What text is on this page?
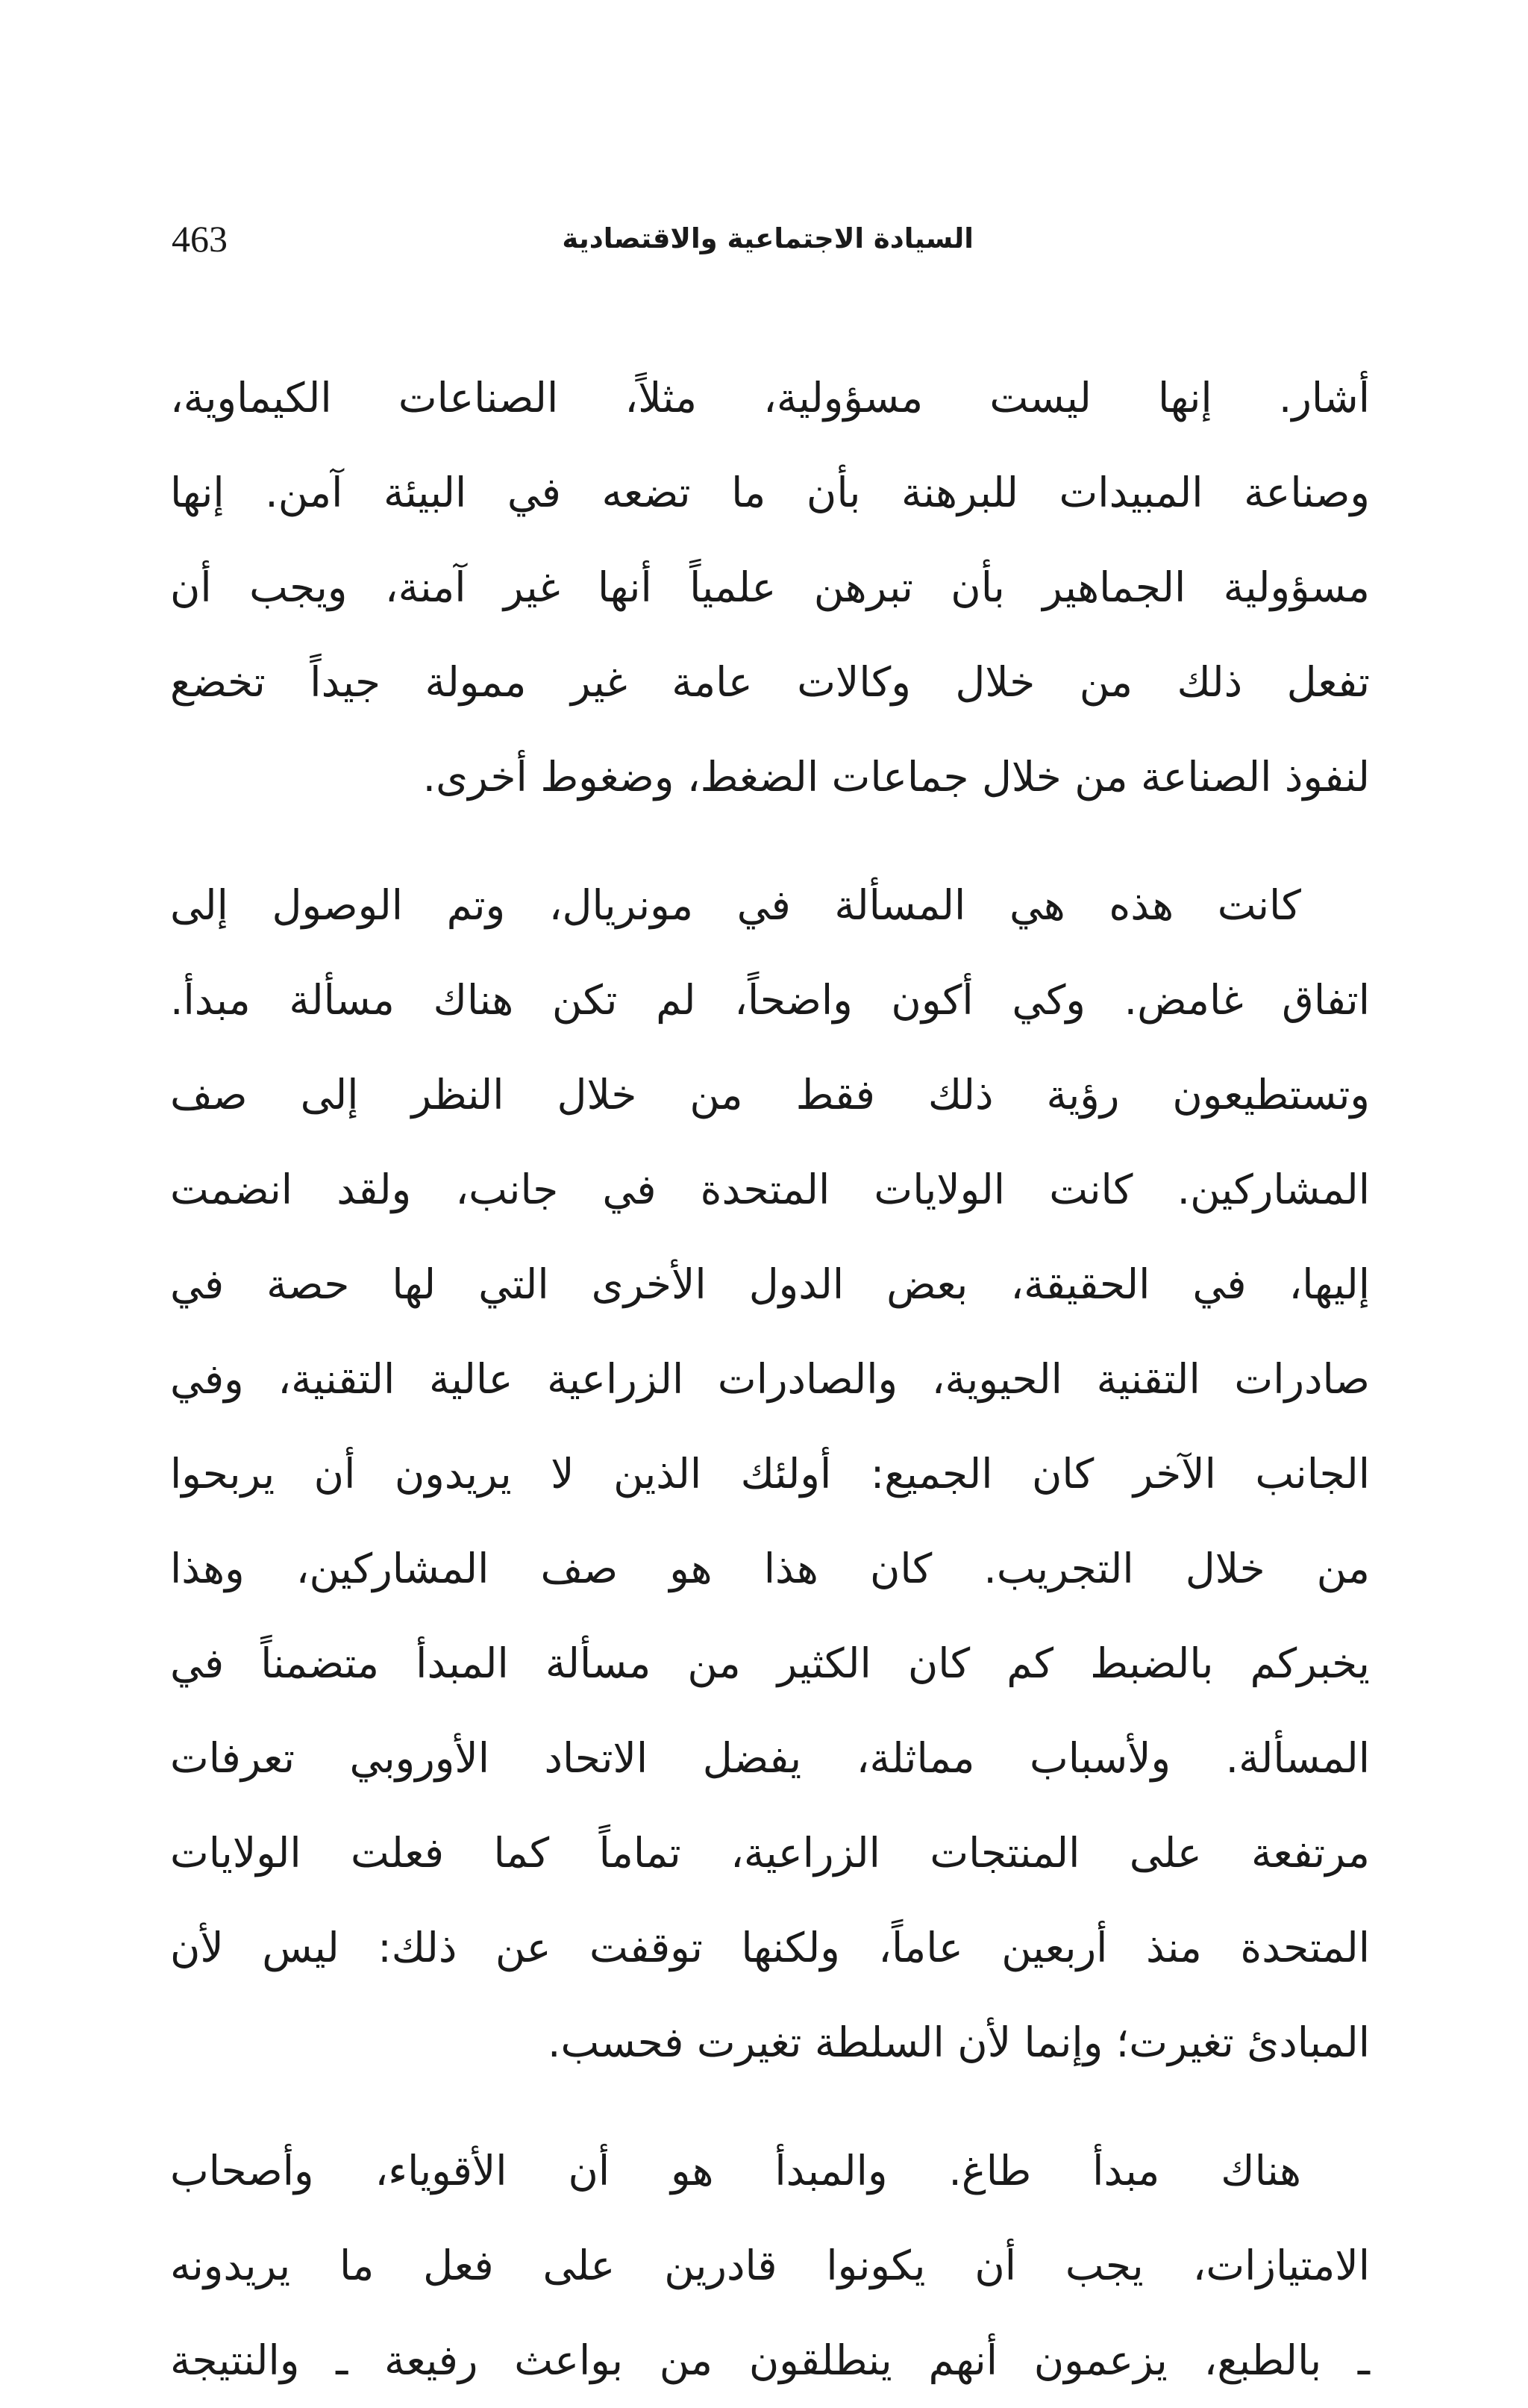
463	السيادة الاجتماعية والاقتصادية

أشار. إنها ليست مسؤولية، مثلاً، الصناعات الكيماوية،
وصناعة المبيدات للبرهنة بأن ما تضعه في البيئة آمن. إنها
مسؤولية الجماهير بأن تبرهن علمياً أنها غير آمنة، ويجب أن
تفعل ذلك من خلال وكالات عامة غير ممولة جيداً تخضع
لنفوذ الصناعة من خلال جماعات الضغط، وضغوط أخرى.

كانت هذه هي المسألة في مونريال، وتم الوصول إلى
اتفاق غامض. وكي أكون واضحاً، لم تكن هناك مسألة مبدأ.
وتستطيعون رؤية ذلك فقط من خلال النظر إلى صف
المشاركين. كانت الولايات المتحدة في جانب، ولقد انضمت
إليها، في الحقيقة، بعض الدول الأخرى التي لها حصة في
صادرات التقنية الحيوية، والصادرات الزراعية عالية التقنية، وفي
الجانب الآخر كان الجميع: أولئك الذين لا يريدون أن يربحوا
من خلال التجريب. كان هذا هو صف المشاركين، وهذا
يخبركم بالضبط كم كان الكثير من مسألة المبدأ متضمناً في
المسألة. ولأسباب مماثلة، يفضل الاتحاد الأوروبي تعرفات
مرتفعة على المنتجات الزراعية، تماماً كما فعلت الولايات
المتحدة منذ أربعين عاماً، ولكنها توقفت عن ذلك: ليس لأن
المبادئ تغيرت؛ وإنما لأن السلطة تغيرت فحسب.

هناك مبدأ طاغ. والمبدأ هو أن الأقوياء، وأصحاب
الامتيازات، يجب أن يكونوا قادرين على فعل ما يريدونه
ـ بالطبع، يزعمون أنهم ينطلقون من بواعث رفيعة ـ والنتيجة
